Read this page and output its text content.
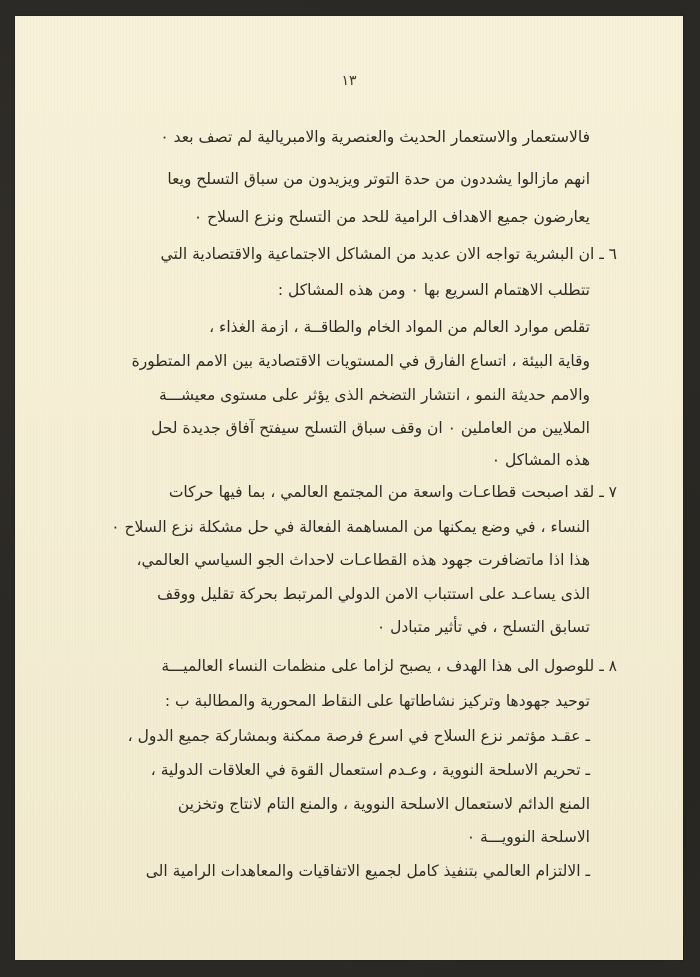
١٣
فالاستعمار والاستعمار الحديث والعنصرية والامبريالية لم تصف بعد ٠
انهم مازالوا يشددون من حدة التوتر ويزيدون من سباق التسلح ويعا
يعارضون جميع الاهداف الرامية للحد من التسلح ونزع السلاح ٠
٦ ـ ان البشرية تواجه الان عديد من المشاكل الاجتماعية والاقتصادية التي
تتطلب الاهتمام السريع بها ٠ ومن هذه المشاكل :
تقلص موارد العالم من المواد الخام والطاقــة ، ازمة الغذاء ،
وقاية البيئة ، اتساع الفارق في المستويات الاقتصادية بين الامم المتطورة
والامم حديثة النمو ، انتشار التضخم الذى يؤثر على مستوى معيشـــة
الملايين من العاملين ٠ ان وقف سباق التسلح سيفتح آفاق جديدة لحل
هذه المشاكل ٠
٧ ـ لقد اصبحت قطاعـات واسعة من المجتمع العالمي ، بما فيها حركات
النساء ، في وضع يمكنها من المساهمة الفعالة في حل مشكلة نزع السلاح ٠
هذا اذا ماتضافرت جهود هذه القطاعـات لاحداث الجو السياسي العالمي،
الذى يساعـد على استتباب الامن الدولي المرتبط بحركة تقليل ووقف
تسابق التسلح ، في تأثير متبادل ٠
٨ ـ للوصول الى هذا الهدف ، يصبح لزاما على منظمات النساء العالميـــة
توحيد جهودها وتركيز نشاطاتها على النقاط المحورية والمطالبة ب :
ـ عقـد مؤتمر نزع السلاح في اسرع فرصة ممكنة وبمشاركة جميع الدول ،
ـ تحريم الاسلحة النووية ، وعـدم استعمال القوة في العلاقات الدولية ،
المنع الدائم لاستعمال الاسلحة النووية ، والمنع التام لانتاج وتخزين
الاسلحة النوويـــة ٠
ـ الالتزام العالمي بتنفيذ كامل لجميع الاتفاقيات والمعاهدات الرامية الى
